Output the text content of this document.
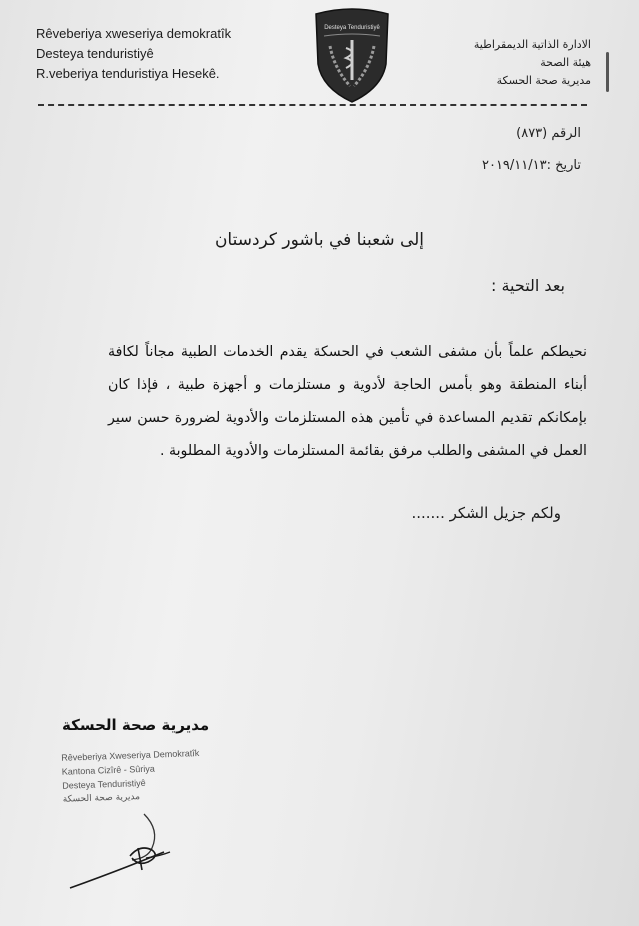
Rêveberiya xweseriya demokratîk
Desteya tenduristiyê
R.veberiya tenduristiya Hesekê.
Desteya Tenduristiyê
الادارة الذاتية الديمقراطية
هيئة الصحة
مديرية صحة الحسكة
الرقم (٨٧٣)
تاريخ :٢٠١٩/١١/١٣
إلى شعبنا في باشور كردستان
بعد التحية :
نحيطكم علماً بأن مشفى الشعب في الحسكة يقدم الخدمات الطبية مجاناً لكافة أبناء المنطقة وهو بأمس الحاجة لأدوية و مستلزمات و أجهزة طبية ، فإذا كان بإمكانكم تقديم المساعدة في تأمين هذه المستلزمات والأدوية لضرورة حسن سير العمل في المشفى والطلب مرفق بقائمة المستلزمات والأدوية المطلوبة .
ولكم جزيل الشكر .......
مديرية صحة الحسكة
Rêveberiya Xweseriya Demokratîk
Kantona Cizîrê - Sûriya
Desteya Tenduristiyê
مديرية صحة الحسكة
